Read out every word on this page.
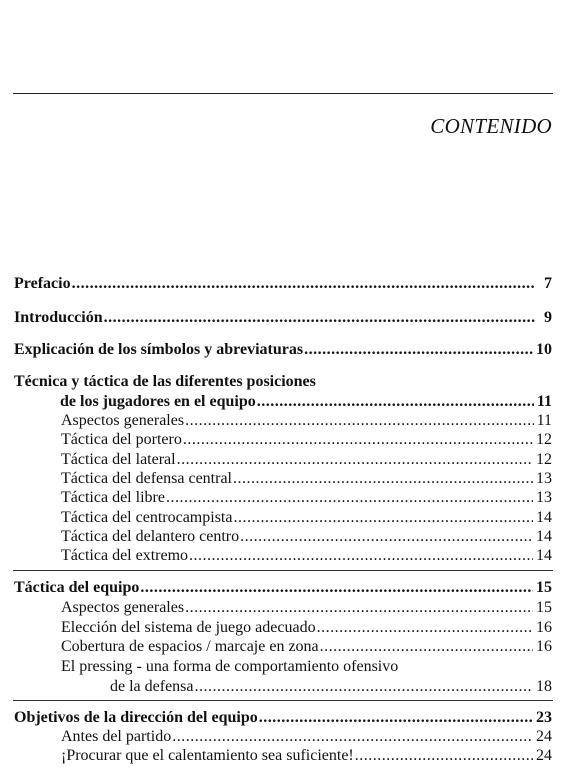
CONTENIDO
Prefacio .....	7
Introducción .....	9
Explicación de los símbolos y abreviaturas .....	10
Técnica y táctica de las diferentes posiciones
de los jugadores en el equipo .....	11
Aspectos generales .....	11
Táctica del portero .....	12
Táctica del lateral .....	12
Táctica del defensa central .....	13
Táctica del libre .....	13
Táctica del centrocampista .....	14
Táctica del delantero centro .....	14
Táctica del extremo .....	14
Táctica del equipo .....	15
Aspectos generales .....	15
Elección del sistema de juego adecuado .....	16
Cobertura de espacios / marcaje en zona .....	16
El pressing - una forma de comportamiento ofensivo
de la defensa .....	18
Objetivos de la dirección del equipo .....	23
Antes del partido .....	24
¡Procurar que el calentamiento sea suficiente! .....	24
